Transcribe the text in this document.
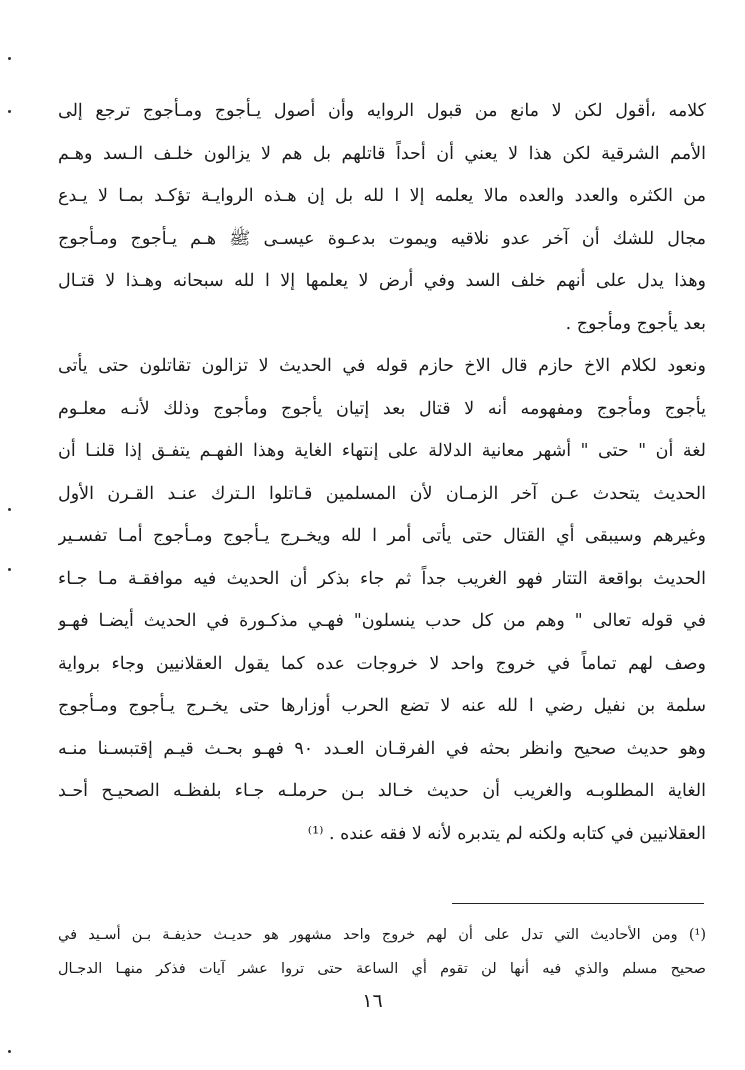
كلامه ،أقول لكن لا مانع من قبول الروايه وأن أصول يـأجوج ومـأجوج ترجع إلى
الأمم الشرقية لكن هذا لا يعني أن أحداً قاتلهم بل هم لا يزالون خلـف الـسد وهـم
من الكثره والعدد والعده مالا يعلمه إلا ا لله بل إن هـذه الروايـة تؤكـد بمـا لا يـدع
مجال للشك أن آخر عدو نلاقيه ويموت بدعـوة عيسـى ﷺ هـم يـأجوج ومـأجوج
وهذا يدل على أنهم خلف السد وفي أرض لا يعلمها إلا ا لله سبحانه وهـذا لا قتـال
بعد يأجوج ومأجوج .
ونعود لكلام الاخ حازم قال الاخ حازم قوله في الحديث لا تزالون تقاتلون حتى يأتى
يأجوج ومأجوج ومفهومه أنه لا قتال بعد إتيان يأجوج ومأجوج وذلك لأنـه معلـوم
لغة أن " حتى " أشهر معانية الدلالة على إنتهاء الغاية وهذا الفهـم يتفـق إذا قلنـا أن
الحديث يتحدث عـن آخر الزمـان لأن المسلمين قـاتلوا الـترك عنـد القـرن الأول
وغيرهم وسيبقى أي القتال حتى يأتى أمر ا لله ويخـرج يـأجوج ومـأجوج أمـا تفسـير
الحديث بواقعة التتار فهو الغريب جداً ثم جاء بذكر أن الحديث فيه موافقـة مـا جـاء
في قوله تعالى " وهم من كل حدب ينسلون" فهـي مذكـورة في الحديث أيضـا فهـو
وصف لهم تماماً في خروج واحد لا خروجات عده كما يقول العقلانيين وجاء برواية
سلمة بن نفيل رضي ا لله عنه لا تضع الحرب أوزارها حتى يخـرج يـأجوج ومـأجوج
وهو حديث صحيح وانظر بحثه في الفرقـان العـدد ٩٠ فهـو بحـث قيـم إقتبسـنا منـه
الغاية المطلوبـه والغريب أن حديث خـالد بـن حرملـه جـاء بلفظـه الصحيـح أحـد
العقلانيين في كتابه ولكنه لم يتدبره لأنه لا فقه عنده . ⁽¹⁾
(¹) ومن الأحاديث التي تدل على أن لهم خروج واحد مشهور هو حديـث حذيفـة بـن أسـيد في
صحيح مسلم والذي فيه أنها لن تقوم أي الساعة حتى تروا عشر آيات فذكر منهـا الدجـال
١٦
